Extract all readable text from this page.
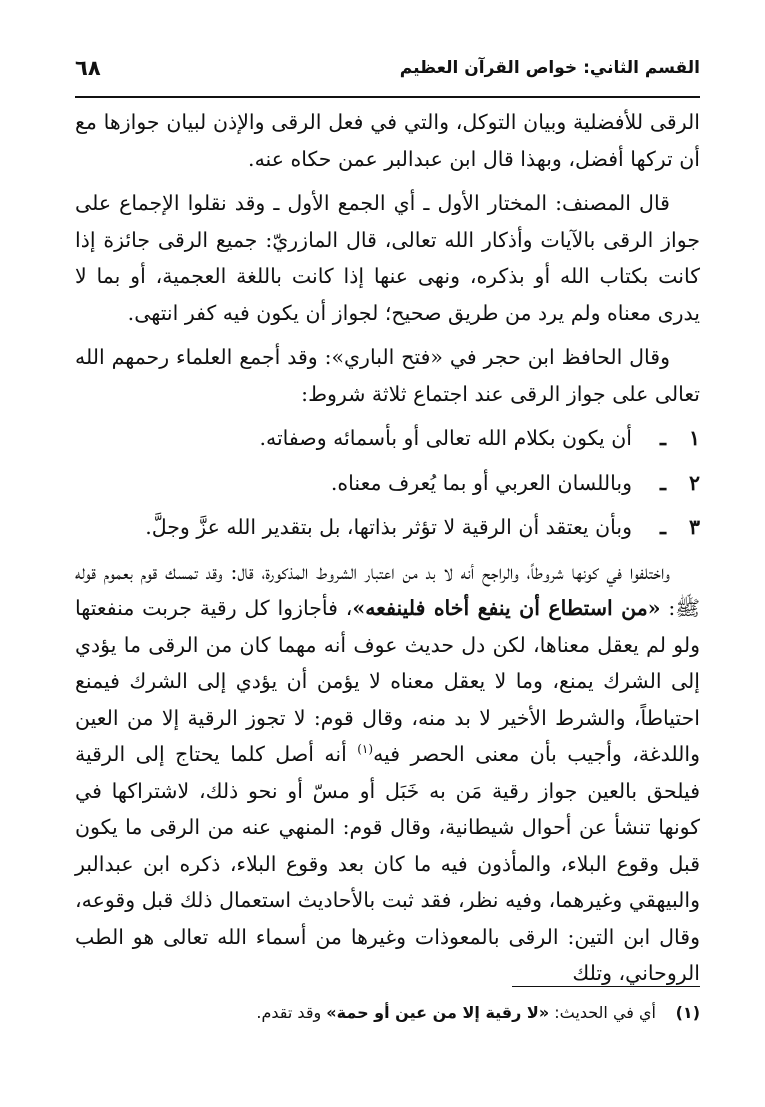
القسم الثاني: خواص القرآن العظيم
٦٨

الرقى للأفضلية وبيان التوكل، والتي في فعل الرقى والإذن لبيان جوازها مع أن تركها أفضل، وبهذا قال ابن عبدالبر عمن حكاه عنه.

قال المصنف: المختار الأول ـ أي الجمع الأول ـ وقد نقلوا الإجماع على جواز الرقى بالآيات وأذكار الله تعالى، قال المازريّ: جميع الرقى جائزة إذا كانت بكتاب الله أو بذكره، ونهى عنها إذا كانت باللغة العجمية، أو بما لا يدرى معناه ولم يرد من طريق صحيح؛ لجواز أن يكون فيه كفر انتهى.

وقال الحافظ ابن حجر في «فتح الباري»: وقد أجمع العلماء رحمهم الله تعالى على جواز الرقى عند اجتماع ثلاثة شروط:

١
ـ
أن يكون بكلام الله تعالى أو بأسمائه وصفاته.
٢
ـ
وباللسان العربي أو بما يُعرف معناه.
٣
ـ
وبأن يعتقد أن الرقية لا تؤثر بذاتها، بل بتقدير الله عزَّ وجلَّ.

واختلفوا في كونها شروطاً، والراجح أنه لا بد من اعتبار الشروط المذكورة، قال: وقد تمسك قوم بعموم قوله ﷺ: «من استطاع أن ينفع أخاه فلينفعه»، فأجازوا كل رقية جربت منفعتها ولو لم يعقل معناها، لكن دل حديث عوف أنه مهما كان من الرقى ما يؤدي إلى الشرك يمنع، وما لا يعقل معناه لا يؤمن أن يؤدي إلى الشرك فيمنع احتياطاً، والشرط الأخير لا بد منه، وقال قوم: لا تجوز الرقية إلا من العين واللدغة، وأجيب بأن معنى الحصر فيه$^{(١)}$ أنه أصل كلما يحتاج إلى الرقية فيلحق بالعين جواز رقية مَن به خَبَل أو مسّ أو نحو ذلك، لاشتراكها في كونها تنشأ عن أحوال شيطانية، وقال قوم: المنهي عنه من الرقى ما يكون قبل وقوع البلاء، والمأذون فيه ما كان بعد وقوع البلاء، ذكره ابن عبدالبر والبيهقي وغيرهما، وفيه نظر، فقد ثبت بالأحاديث استعمال ذلك قبل وقوعه، وقال ابن التين: الرقى بالمعوذات وغيرها من أسماء الله تعالى هو الطب الروحاني، وتلك

(١)أي في الحديث: «لا رقية إلا من عين أو حمة» وقد تقدم.
